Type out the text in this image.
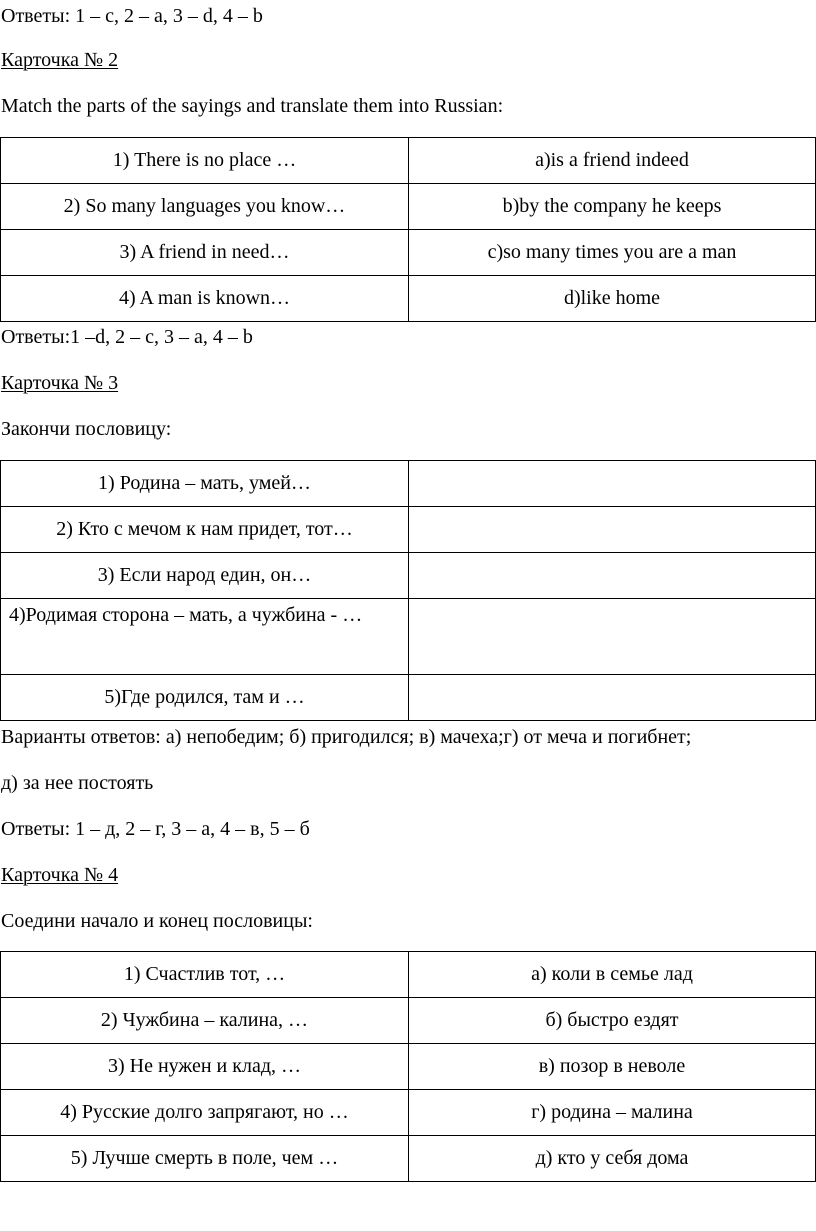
Ответы: 1 – с, 2 – a, 3 – d, 4 – b
Карточка № 2
Match the parts of the sayings and translate them into Russian:
1) There is no place …	a)is a friend indeed

2) So many languages you know…	b)by the company he keeps

3) A friend in need…	c)so many times you are a man

4) A man is known…	d)like home
Ответы:1 –d, 2 – c, 3 – a, 4 – b
Карточка № 3
Закончи пословицу:
1) Родина – мать, умей…	

2) Кто с мечом к нам придет, тот…	

3) Если народ един, он…	

4)Родимая сторона – мать, а чужбина - …	

5)Где родился, там и …	

Варианты ответов: а) непобедим; б) пригодился; в) мачеха;г) от меча и погибнет;
д) за нее постоять
Ответы: 1 – д, 2 – г, 3 – а, 4 – в, 5 – б
Карточка № 4
Соедини начало и конец пословицы:
1) Счастлив тот, …	а) коли в семье лад

2) Чужбина – калина, …	б) быстро ездят

3) Не нужен и клад, …	в) позор в неволе

4) Русские долго запрягают, но …	г) родина – малина

5) Лучше смерть в поле, чем …	д) кто у себя дома
